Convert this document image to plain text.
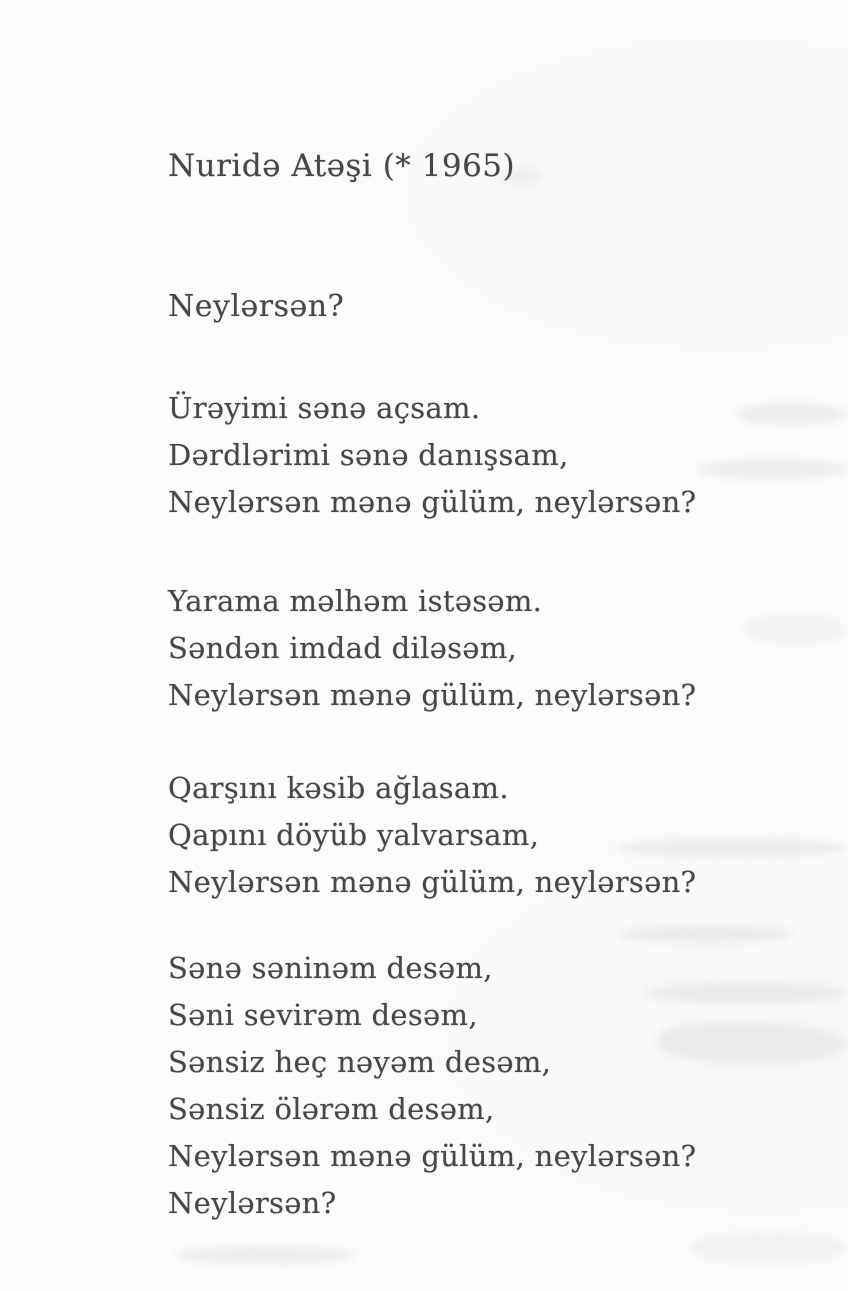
Nuridə Atəşi (* 1965)
Neylərsən?

Ürəyimi sənə açsam.

Dərdlərimi sənə danışsam,

Neylərsən mənə gülüm, neylərsən?

Yarama məlhəm istəsəm.

Səndən imdad diləsəm,

Neylərsən mənə gülüm, neylərsən?

Qarşını kəsib ağlasam.

Qapını döyüb yalvarsam,

Neylərsən mənə gülüm, neylərsən?

Sənə səninəm desəm,

Səni sevirəm desəm,

Sənsiz heç nəyəm desəm,

Sənsiz ölərəm desəm,

Neylərsən mənə gülüm, neylərsən?

Neylərsən?
